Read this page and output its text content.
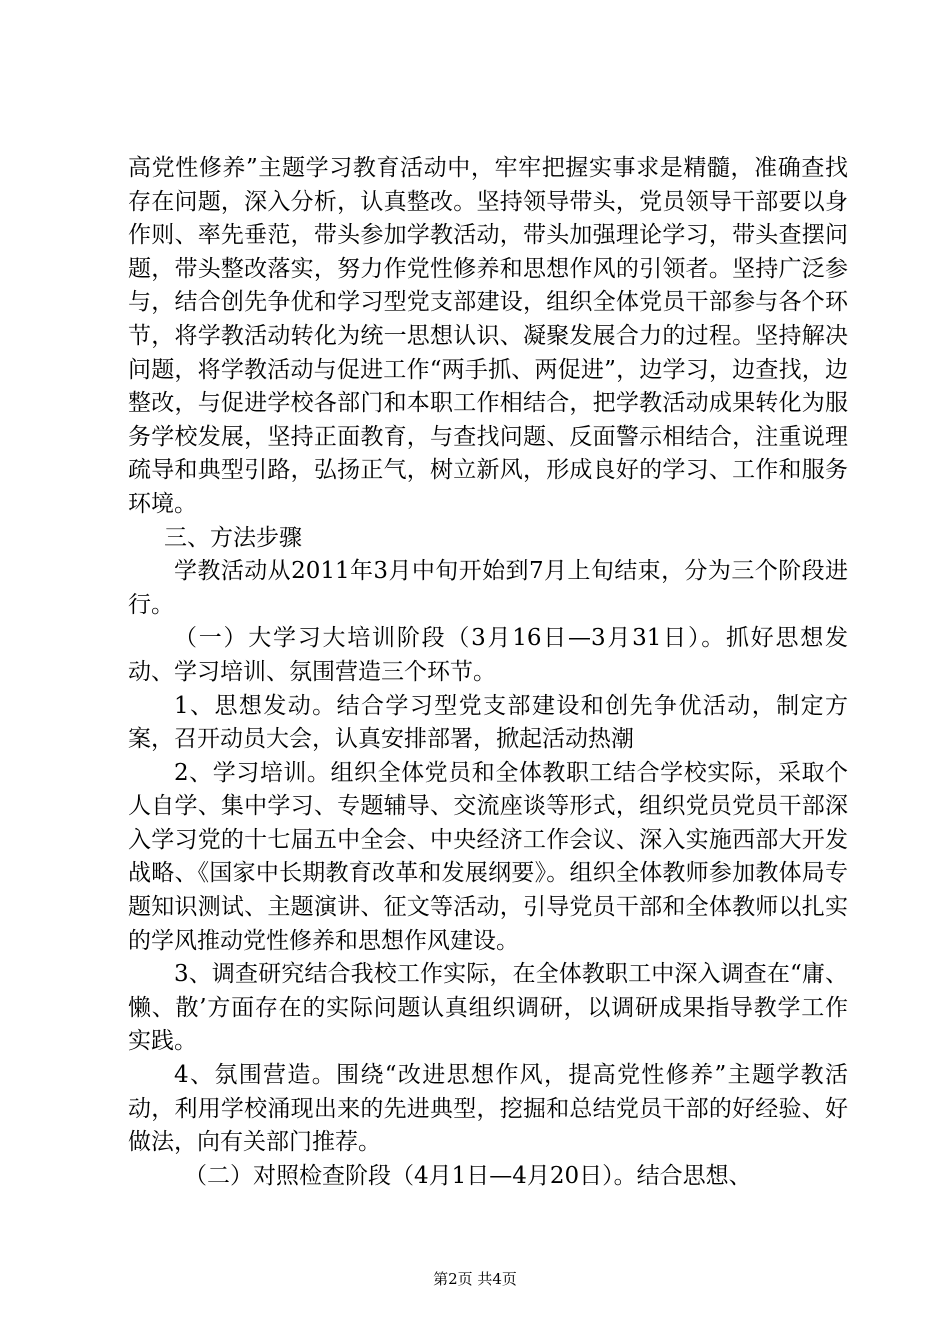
高党性修养”主题学习教育活动中，牢牢把握实事求是精髓，准确查找存在问题，深入分析，认真整改。坚持领导带头，党员领导干部要以身作则、率先垂范，带头参加学教活动，带头加强理论学习，带头查摆问题，带头整改落实，努力作党性修养和思想作风的引领者。坚持广泛参与，结合创先争优和学习型党支部建设，组织全体党员干部参与各个环节，将学教活动转化为统一思想认识、凝聚发展合力的过程。坚持解决问题，将学教活动与促进工作“两手抓、两促进”，边学习，边查找，边整改，与促进学校各部门和本职工作相结合，把学教活动成果转化为服务学校发展，坚持正面教育，与查找问题、反面警示相结合，注重说理疏导和典型引路，弘扬正气，树立新风，形成良好的学习、工作和服务环境。

三、方法步骤

学教活动从2011年3月中旬开始到7月上旬结束，分为三个阶段进行。

（一）大学习大培训阶段（3月16日—3月31日）。抓好思想发动、学习培训、氛围营造三个环节。

1、思想发动。结合学习型党支部建设和创先争优活动，制定方案，召开动员大会，认真安排部署，掀起活动热潮

2、学习培训。组织全体党员和全体教职工结合学校实际，采取个人自学、集中学习、专题辅导、交流座谈等形式，组织党员党员干部深入学习党的十七届五中全会、中央经济工作会议、深入实施西部大开发战略、《国家中长期教育改革和发展纲要》。组织全体教师参加教体局专题知识测试、主题演讲、征文等活动，引导党员干部和全体教师以扎实的学风推动党性修养和思想作风建设。

3、调查研究结合我校工作实际，在全体教职工中深入调查在“庸、懒、散’方面存在的实际问题认真组织调研，以调研成果指导教学工作实践。

4、氛围营造。围绕“改进思想作风，提高党性修养”主题学教活动，利用学校涌现出来的先进典型，挖掘和总结党员干部的好经验、好做法，向有关部门推荐。

（二）对照检查阶段（4月1日—4月20日）。结合思想、

第2页 共4页
